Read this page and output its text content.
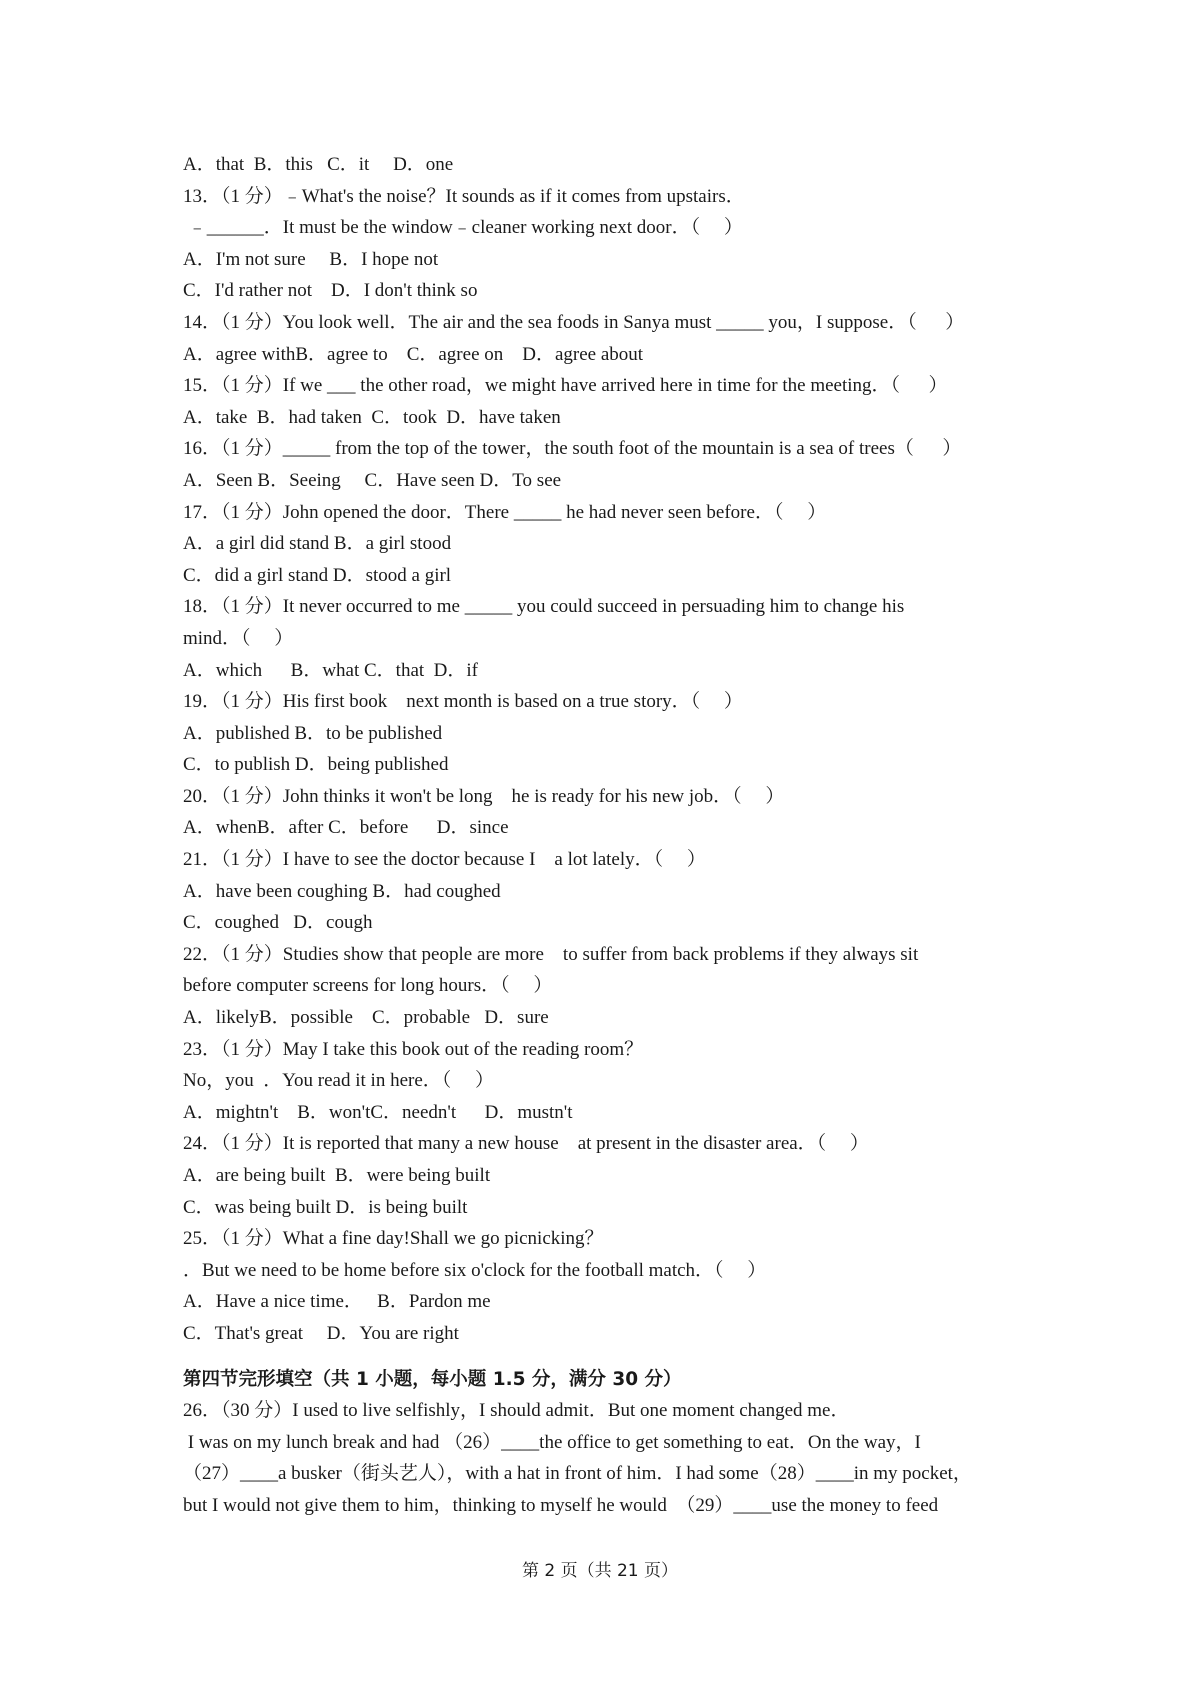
A．that  B．this   C．it     D．one
13．（1 分）﹣What's the noise？It sounds as if it comes from upstairs．
﹣______．It must be the window﹣cleaner working next door．（     ）
A．I'm not sure     B．I hope not
C．I'd rather not    D．I don't think so
14．（1 分）You look well．The air and the sea foods in Sanya must _____ you，I suppose．（      ）
A．agree withB．agree to    C．agree on    D．agree about
15．（1 分）If we ___ the other road，we might have arrived here in time for the meeting．（      ）
A．take  B．had taken  C．took  D．have taken
16．（1 分）_____ from the top of the tower，the south foot of the mountain is a sea of trees（      ）
A．Seen B．Seeing     C．Have seen D．To see
17．（1 分）John opened the door．There _____ he had never seen before．（     ）
A．a girl did stand B．a girl stood
C．did a girl stand D．stood a girl
18．（1 分）It never occurred to me _____ you could succeed in persuading him to change his
mind．（     ）
A．which      B．what C．that  D．if
19．（1 分）His first book    next month is based on a true story．（     ）
A．published B．to be published
C．to publish D．being published
20．（1 分）John thinks it won't be long    he is ready for his new job．（     ）
A．whenB．after C．before      D．since
21．（1 分）I have to see the doctor because I    a lot lately．（     ）
A．have been coughing B．had coughed
C．coughed   D．cough
22．（1 分）Studies show that people are more    to suffer from back problems if they always sit
before computer screens for long hours．（     ）
A．likelyB．possible    C．probable   D．sure
23．（1 分）May I take this book out of the reading room？
No，you  ．You read it in here．（     ）
A．mightn't    B．won'tC．needn't      D．mustn't
24．（1 分）It is reported that many a new house    at present in the disaster area．（     ）
A．are being built  B．were being built
C．was being built D．is being built
25．（1 分）What a fine day!Shall we go picnicking？
．But we need to be home before six o'clock for the football match．（     ）
A．Have a nice time．   B．Pardon me
C．That's great     D．You are right
第四节完形填空（共 1 小题，每小题 1.5 分，满分 30 分）
26．（30 分）I used to live selfishly，I should admit．But one moment changed me．
I was on my lunch break and had （26）____the office to get something to eat．On the way，I
（27）____a busker（街头艺人），with a hat in front of him．I had some（28）____in my pocket，
but I would not give them to him，thinking to myself he would  （29）____use the money to feed
第 2 页（共 21 页）
